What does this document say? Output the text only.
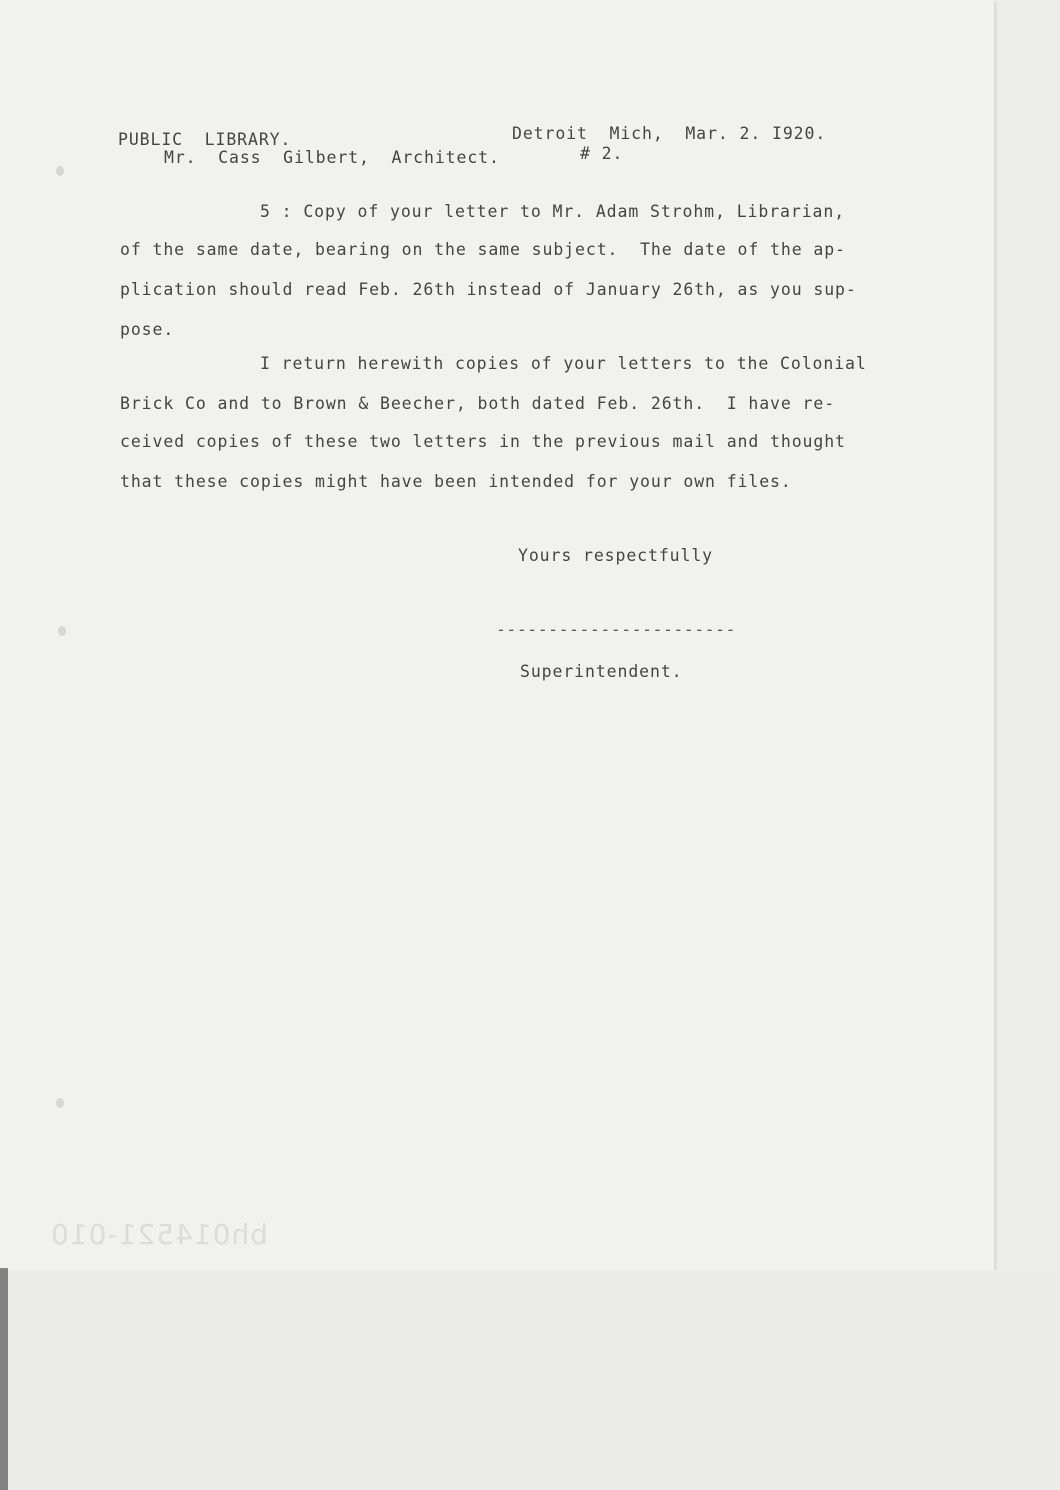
PUBLIC  LIBRARY.	Detroit  Mich,  Mar. 2. I920.

Mr.  Cass  Gilbert,  Architect.	# 2.

5 : Copy of your letter to Mr. Adam Strohm, Librarian,

of the same date, bearing on the same subject.  The date of the ap-

plication should read Feb. 26th instead of January 26th, as you sup-

pose.

I return herewith copies of your letters to the Colonial

Brick Co and to Brown & Beecher, both dated Feb. 26th.  I have re-

ceived copies of these two letters in the previous mail and thought

that these copies might have been intended for your own files.

Yours respectfully

-----------------------

Superintendent.

bh014521-010
